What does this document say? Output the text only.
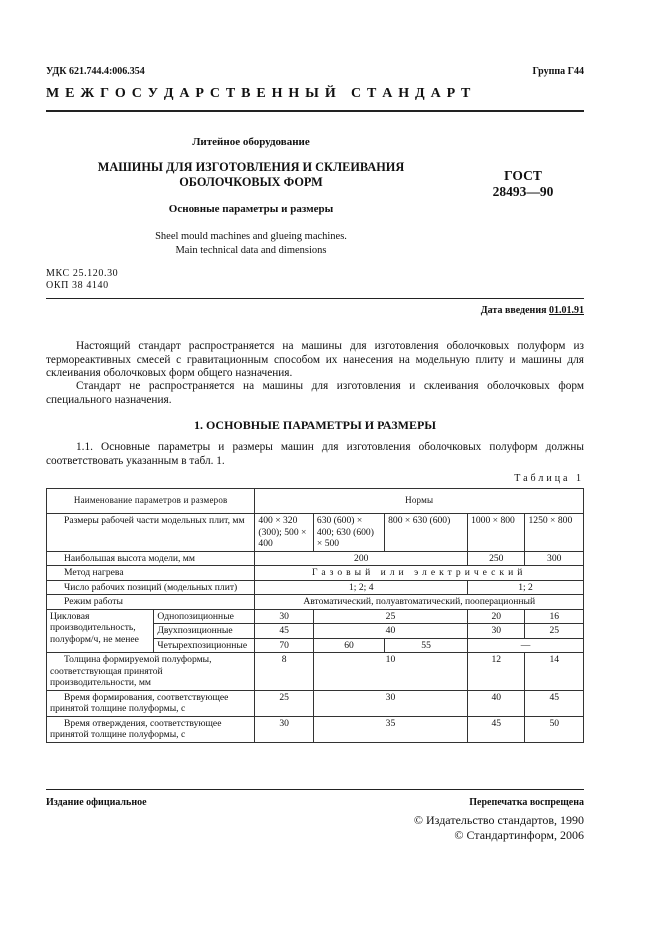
УДК 621.744.4:006.354	Группа Г44
М Е Ж Г О С У Д А Р С Т В Е Н Н Ы Й   С Т А Н Д А Р Т
Литейное оборудование
МАШИНЫ ДЛЯ ИЗГОТОВЛЕНИЯ И СКЛЕИВАНИЯ
ОБОЛОЧКОВЫХ ФОРМ
Основные параметры и размеры
Sheel mould machines and glueing machines.
Main technical data and dimensions
ГОСТ
28493—90
МКС 25.120.30
ОКП 38 4140
Дата введения 01.01.91

Настоящий стандарт распространяется на машины для изготовления оболочковых полуформ из термореактивных смесей с гравитационным способом их нанесения на модельную плиту и машины для склеивания оболочковых форм общего назначения.

Стандарт не распространяется на машины для изготовления и склеивания оболочковых форм специального назначения.

1. ОСНОВНЫЕ ПАРАМЕТРЫ И РАЗМЕРЫ

1.1. Основные параметры и размеры машин для изготовления оболочковых полуформ должны соответствовать указанным в табл. 1.

Таблица 1
Наименование параметров и размеров		Нормы				
Размеры рабочей части модельных плит, мм		400 × 320 (300); 500 × 400	630 (600) × 400; 630 (600) × 500	800 × 630 (600)	1000 × 800	1250 × 800
Наибольшая высота модели, мм		200			250	300
Метод нагрева		Газовый или электрический				
Число рабочих позиций (модельных плит)		1; 2; 4			1; 2	
Режим работы		Автоматический, полуавтоматический, пооперационный				
Цикловая производительность, полуформ/ч, не менее	Однопозиционные	30	25		20	16
	Двухпозиционные	45	40		30	25
	Четырехпозиционные	70	60	55	—	
Толщина формируемой полуформы, соответствующая принятой производительности, мм		8	10		12	14
Время формирования, соответствующее принятой толщине полуформы, с		25	30		40	45
Время отверждения, соответствующее принятой толщине полуформы, с		30	35		45	50
Издание официальное	Перепечатка воспрещена
© Издательство стандартов, 1990
© Стандартинформ, 2006
